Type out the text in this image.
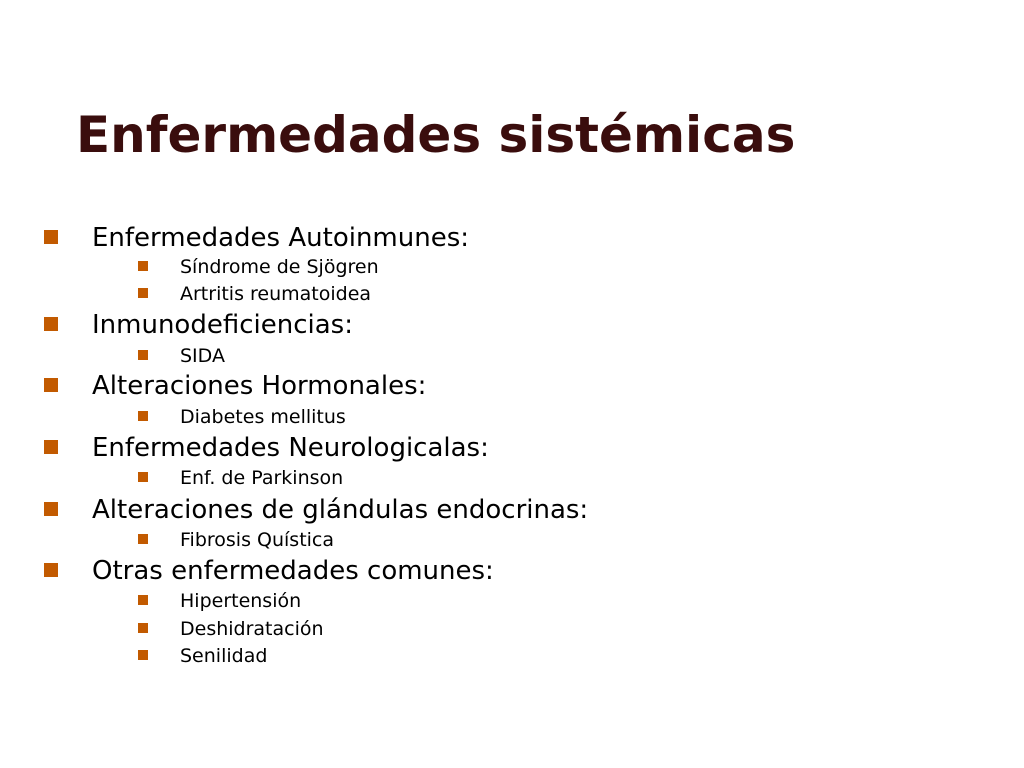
Enfermedades sistémicas
Enfermedades Autoinmunes:
Síndrome de Sjögren
Artritis reumatoidea
Inmunodeficiencias:
SIDA
Alteraciones Hormonales:
Diabetes mellitus
Enfermedades Neurologicalas:
Enf. de Parkinson
Alteraciones de glándulas endocrinas:
Fibrosis Quística
Otras enfermedades comunes:
Hipertensión
Deshidratación
Senilidad
